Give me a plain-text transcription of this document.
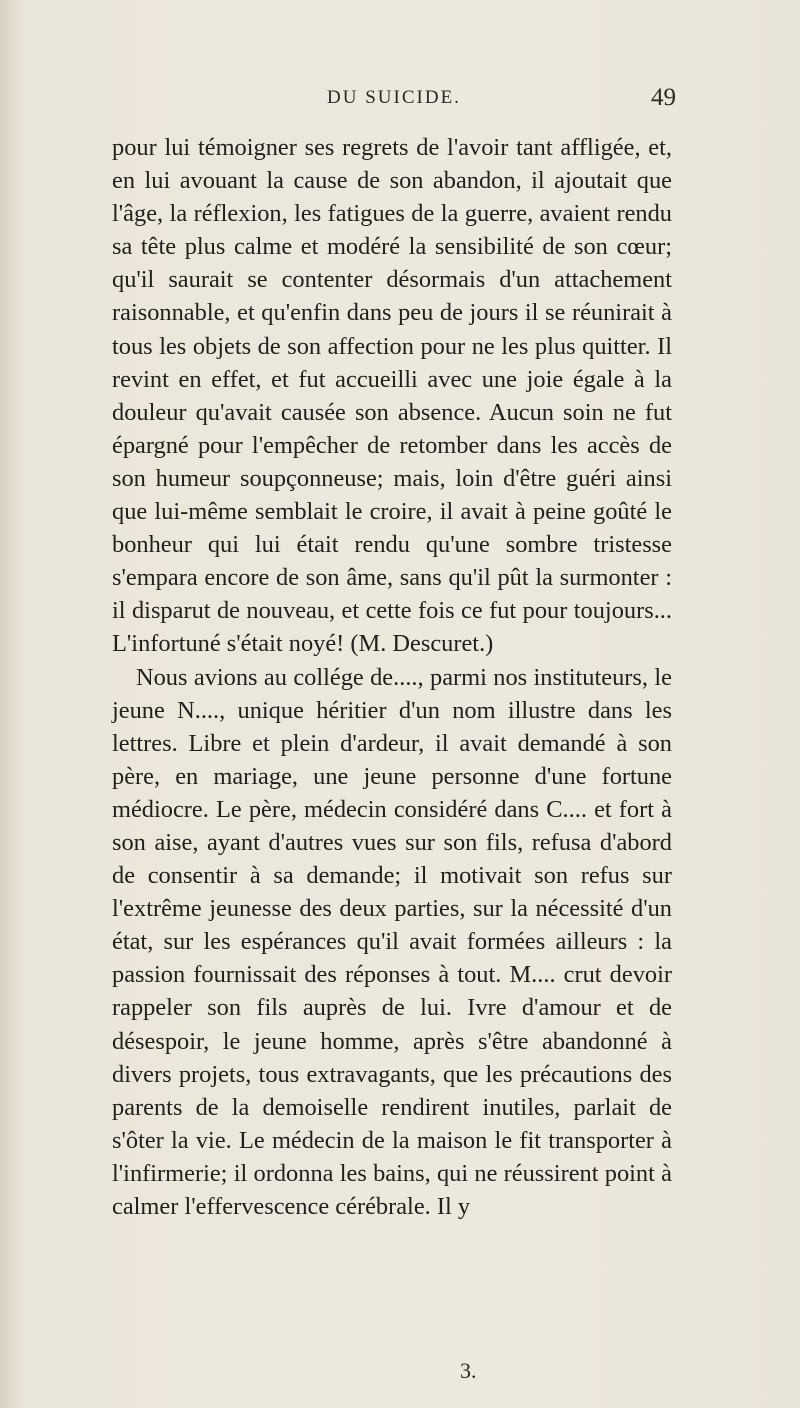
DU SUICIDE.	49

pour lui témoigner ses regrets de l'avoir tant affligée, et, en lui avouant la cause de son abandon, il ajoutait que l'âge, la réflexion, les fatigues de la guerre, avaient rendu sa tête plus calme et modéré la sensibilité de son cœur; qu'il saurait se contenter désormais d'un attachement raisonnable, et qu'enfin dans peu de jours il se réunirait à tous les objets de son affection pour ne les plus quitter. Il revint en effet, et fut accueilli avec une joie égale à la douleur qu'avait causée son absence. Aucun soin ne fut épargné pour l'empêcher de retomber dans les accès de son humeur soupçonneuse; mais, loin d'être guéri ainsi que lui-même semblait le croire, il avait à peine goûté le bonheur qui lui était rendu qu'une sombre tristesse s'empara encore de son âme, sans qu'il pût la surmonter : il disparut de nouveau, et cette fois ce fut pour toujours... L'infortuné s'était noyé! (M. Descuret.)

Nous avions au collége de...., parmi nos instituteurs, le jeune N...., unique héritier d'un nom illustre dans les lettres. Libre et plein d'ardeur, il avait demandé à son père, en mariage, une jeune personne d'une fortune médiocre. Le père, médecin considéré dans C.... et fort à son aise, ayant d'autres vues sur son fils, refusa d'abord de consentir à sa demande; il motivait son refus sur l'extrême jeunesse des deux parties, sur la nécessité d'un état, sur les espérances qu'il avait formées ailleurs : la passion fournissait des réponses à tout. M.... crut devoir rappeler son fils auprès de lui. Ivre d'amour et de désespoir, le jeune homme, après s'être abandonné à divers projets, tous extravagants, que les précautions des parents de la demoiselle rendirent inutiles, parlait de s'ôter la vie. Le médecin de la maison le fit transporter à l'infirmerie; il ordonna les bains, qui ne réussirent point à calmer l'effervescence cérébrale. Il y

3.
